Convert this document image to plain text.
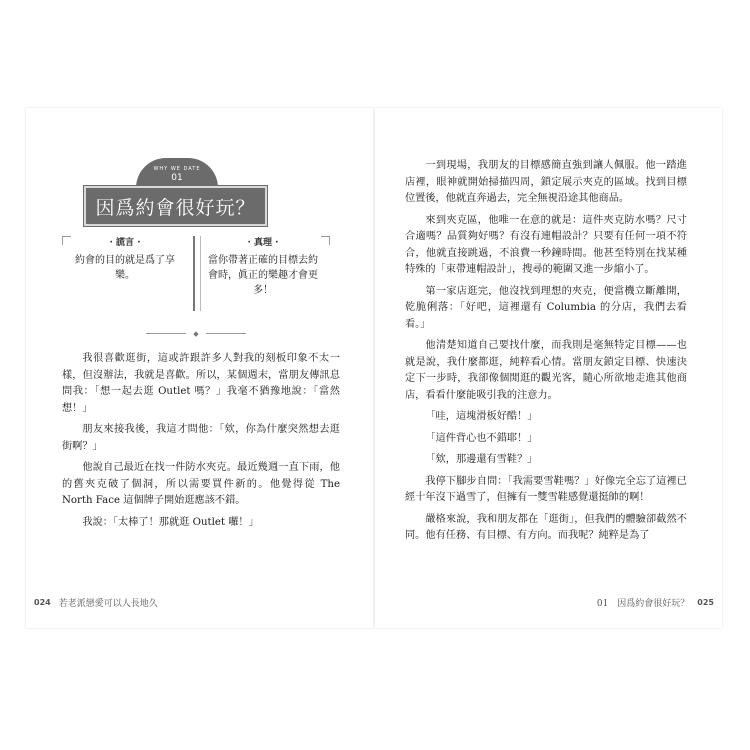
WHY WE DATE
01
因爲約會很好玩？
· 謊言 ·
約會的目的就是爲了享樂。
· 真理 ·
當你帶著正確的目標去約會時，眞正的樂趣才會更多！
◆

我很喜歡逛街，這或許跟許多人對我的刻板印象不太一樣，但沒辦法，我就是喜歡。所以，某個週末，當朋友傳訊息問我：「想一起去逛 Outlet 嗎？」我毫不猶豫地說：「當然想！」

朋友來接我後，我這才問他：「欸，你為什麼突然想去逛街啊？」

他說自己最近在找一件防水夾克。最近幾週一直下雨，他的舊夾克破了個洞，所以需要買件新的。他覺得從 The North Face 這個牌子開始逛應該不錯。

我說：「太棒了！那就逛 Outlet 囉！」

024 若老派戀愛可以人長地久

一到現場，我朋友的目標感簡直強到讓人佩服。他一踏進店裡，眼神就開始掃描四周，鎖定展示夾克的區域。找到目標位置後，他就直奔過去，完全無視沿途其他商品。

來到夾克區，他唯一在意的就是：這件夾克防水嗎？尺寸合適嗎？品質夠好嗎？有沒有連帽設計？只要有任何一項不符合，他就直接跳過，不浪費一秒鐘時間。他甚至特別在找某種特殊的「束帶連帽設計」，搜尋的範圍又進一步縮小了。

第一家店逛完，他沒找到理想的夾克，便當機立斷離開，乾脆俐落：「好吧，這裡還有 Columbia 的分店，我們去看看。」

他清楚知道自己要找什麼，而我則是毫無特定目標——也就是說，我什麼都逛，純粹看心情。當朋友鎖定目標、快速決定下一步時，我卻像個閒逛的觀光客，隨心所欲地走進其他商店，看看什麼能吸引我的注意力。

「哇，這塊滑板好酷！」

「這件背心也不錯耶！」

「欸，那邊還有雪鞋？」

我停下腳步自問：「我需要雪鞋嗎？」好像完全忘了這裡已經十年沒下過雪了，但擁有一雙雪鞋感覺還挺帥的啊！

嚴格來說，我和朋友都在「逛街」，但我們的體驗卻截然不同。他有任務、有目標、有方向。而我呢？純粹是為了

01　因爲約會很好玩？ 025
